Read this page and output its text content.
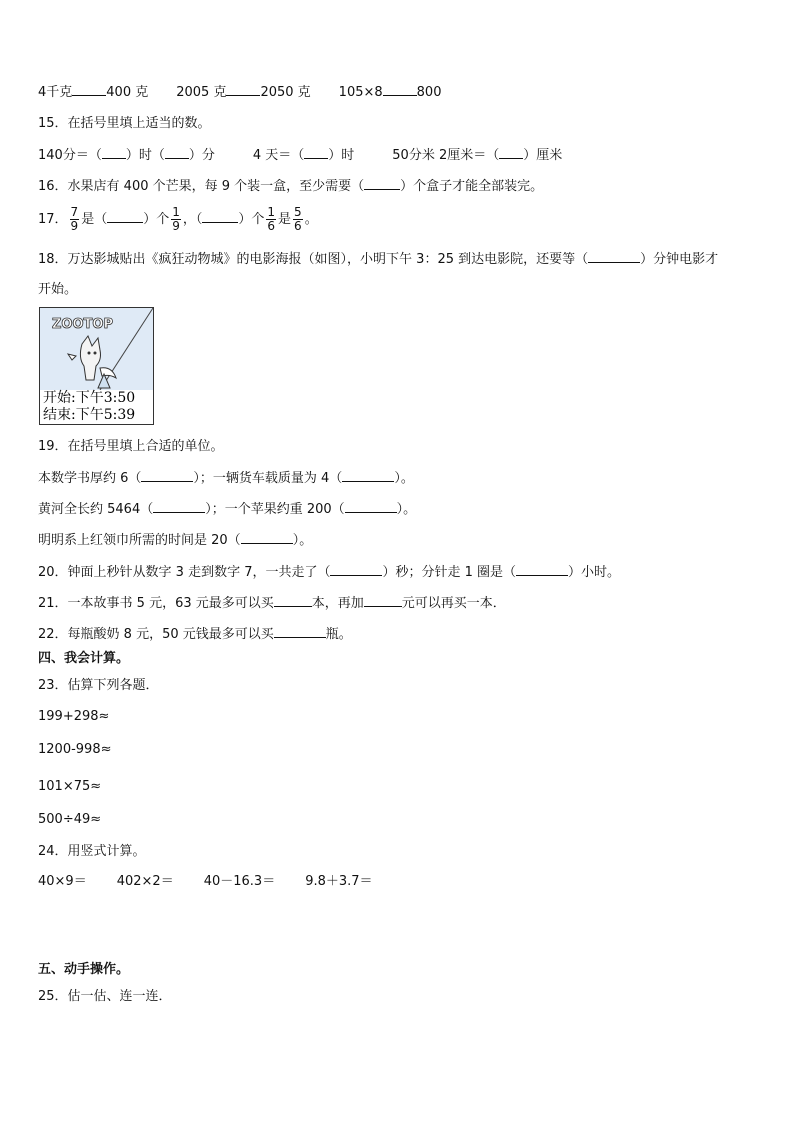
4千克	400 克 2005 克	2050 克 105×8	800
15．在括号里填上适当的数。
140分＝（ ）时（ ）分	4 天＝（ ）时	50分米 2厘米＝（ ）厘米
16．水果店有 400 个芒果，每 9 个装一盒，至少需要（	）个盒子才能全部装完。
17． $\frac{7}{9}$ 是（	）个 $\frac{1}{9}$ ，（	）个 $\frac{1}{6}$ 是 $\frac{5}{6}$ 。
18．万达影城贴出《疯狂动物城》的电影海报（如图），小明下午 3：25 到达电影院，还要等（	）分钟电影才
开始。
ZOOTOP
开始:下午3:50
结束:下午5:39
19．在括号里填上合适的单位。
本数学书厚约 6（	）；一辆货车载质量为 4（	）。
黄河全长约 5464（	）；一个苹果约重 200（	）。
明明系上红领巾所需的时间是 20（	）。
20．钟面上秒针从数字 3 走到数字 7，一共走了（	）秒；分针走 1 圈是（	）小时。
21．一本故事书 5 元，63 元最多可以买	本，再加	元可以再买一本．
22．每瓶酸奶 8 元，50 元钱最多可以买	瓶。
四、我会计算。
23．估算下列各题．
199+298≈
1200-998≈
101×75≈
500÷49≈
24．用竖式计算。
40×9＝ 402×2＝ 40－16.3＝ 9.8＋3.7＝
五、动手操作。
25．估一估、连一连．
